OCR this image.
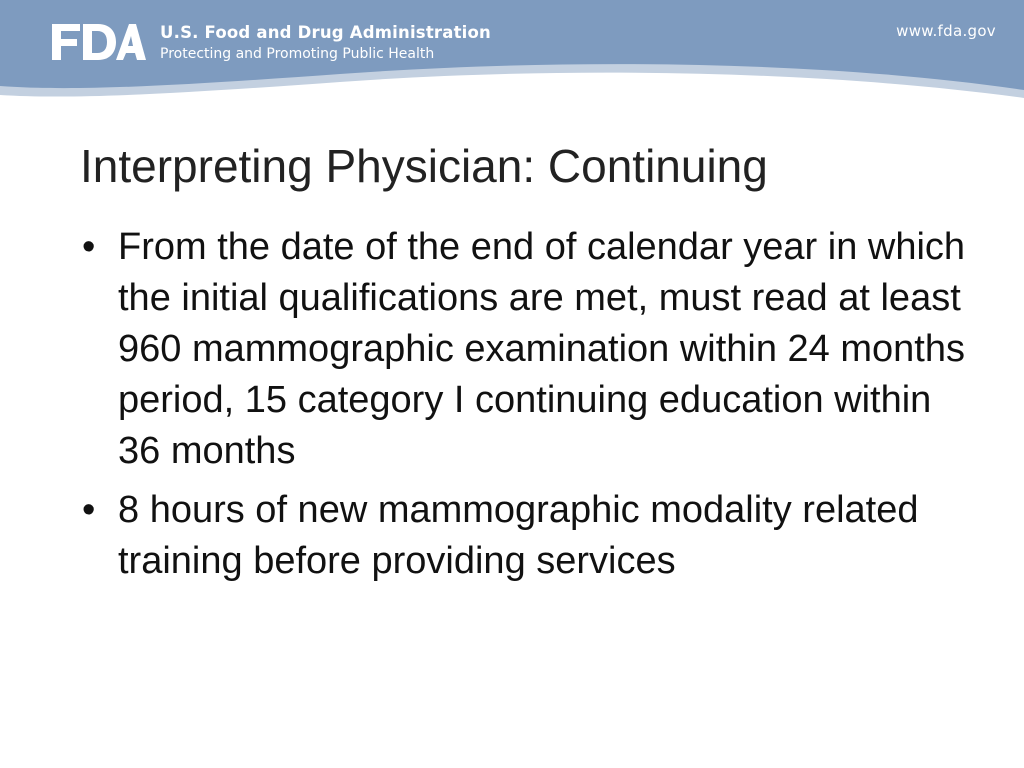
U.S. Food and Drug Administration
Protecting and Promoting Public Health
www.fda.gov
Interpreting Physician: Continuing
• From the date of the end of calendar year in which the initial qualifications are met, must read at least 960 mammographic examination within 24 months period, 15 category I continuing education within 36 months
• 8 hours of new mammographic modality related training before providing services
